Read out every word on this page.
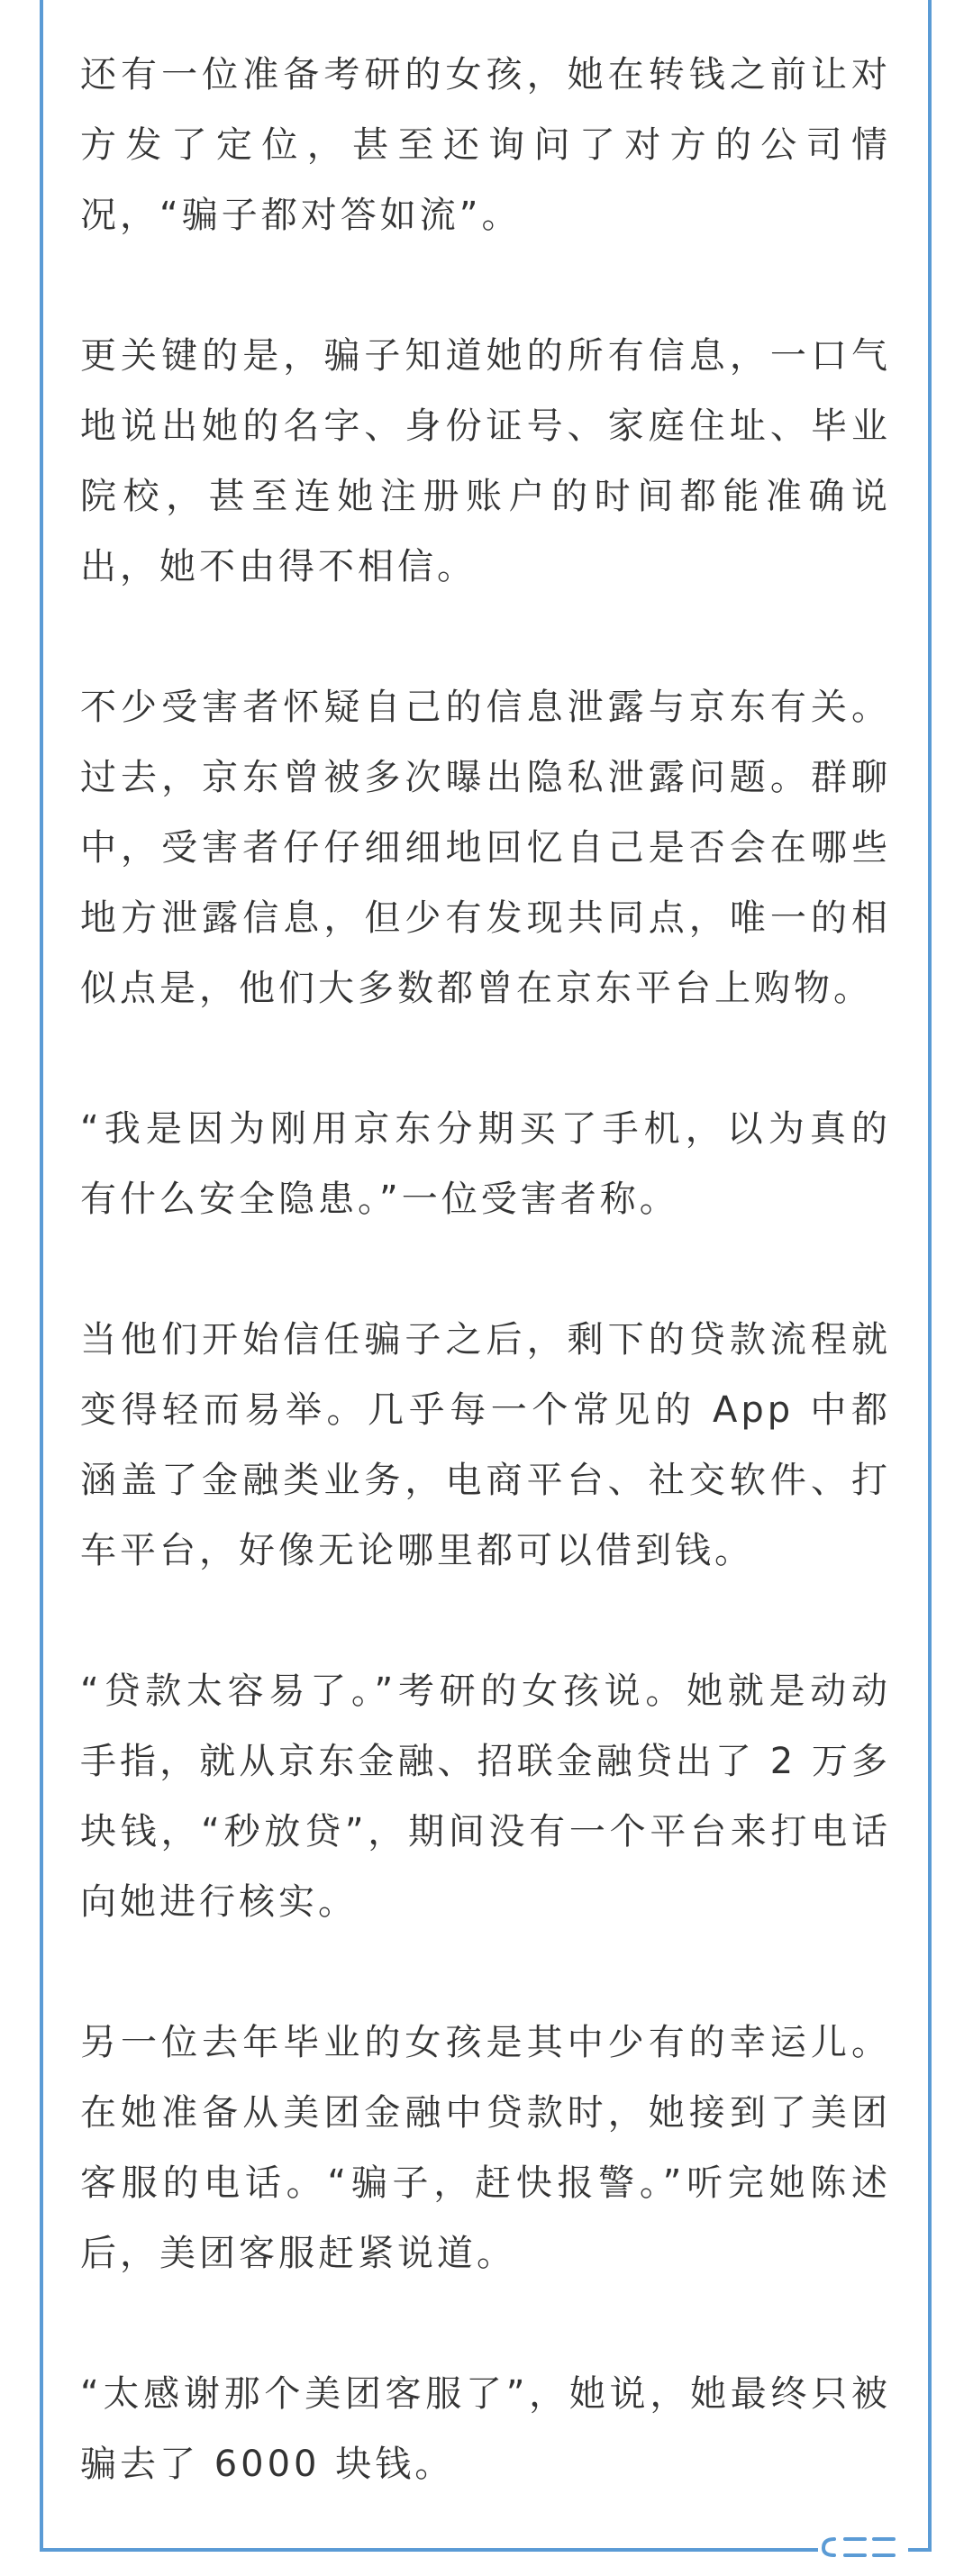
还有一位准备考研的女孩，她在转钱之前让对方发了定位，甚至还询问了对方的公司情况，“骗子都对答如流”。

更关键的是，骗子知道她的所有信息，一口气地说出她的名字、身份证号、家庭住址、毕业院校，甚至连她注册账户的时间都能准确说出，她不由得不相信。

不少受害者怀疑自己的信息泄露与京东有关。过去，京东曾被多次曝出隐私泄露问题。群聊中，受害者仔仔细细地回忆自己是否会在哪些地方泄露信息，但少有发现共同点，唯一的相似点是，他们大多数都曾在京东平台上购物。

“我是因为刚用京东分期买了手机，以为真的有什么安全隐患。”一位受害者称。

当他们开始信任骗子之后，剩下的贷款流程就变得轻而易举。几乎每一个常见的 App 中都涵盖了金融类业务，电商平台、社交软件、打车平台，好像无论哪里都可以借到钱。

“贷款太容易了。”考研的女孩说。她就是动动手指，就从京东金融、招联金融贷出了 2 万多块钱，“秒放贷”，期间没有一个平台来打电话向她进行核实。

另一位去年毕业的女孩是其中少有的幸运儿。在她准备从美团金融中贷款时，她接到了美团客服的电话。“骗子，赶快报警。”听完她陈述后，美团客服赶紧说道。

“太感谢那个美团客服了”，她说，她最终只被骗去了 6000 块钱。
